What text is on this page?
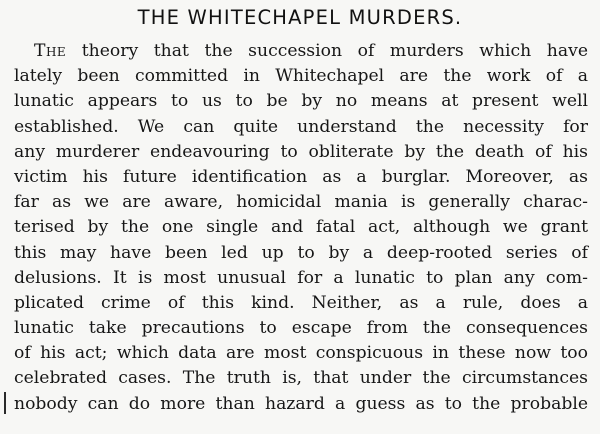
THE WHITECHAPEL MURDERS.
The theory that the succession of murders which have
lately been committed in Whitechapel are the work of a
lunatic appears to us to be by no means at present well
established. We can quite understand the necessity for
any murderer endeavouring to obliterate by the death of his
victim his future identification as a burglar. Moreover, as
far as we are aware, homicidal mania is generally charac-
terised by the one single and fatal act, although we grant
this may have been led up to by a deep-rooted series of
delusions. It is most unusual for a lunatic to plan any com-
plicated crime of this kind. Neither, as a rule, does a
lunatic take precautions to escape from the consequences
of his act; which data are most conspicuous in these now too
celebrated cases. The truth is, that under the circumstances
nobody can do more than hazard a guess as to the probable
